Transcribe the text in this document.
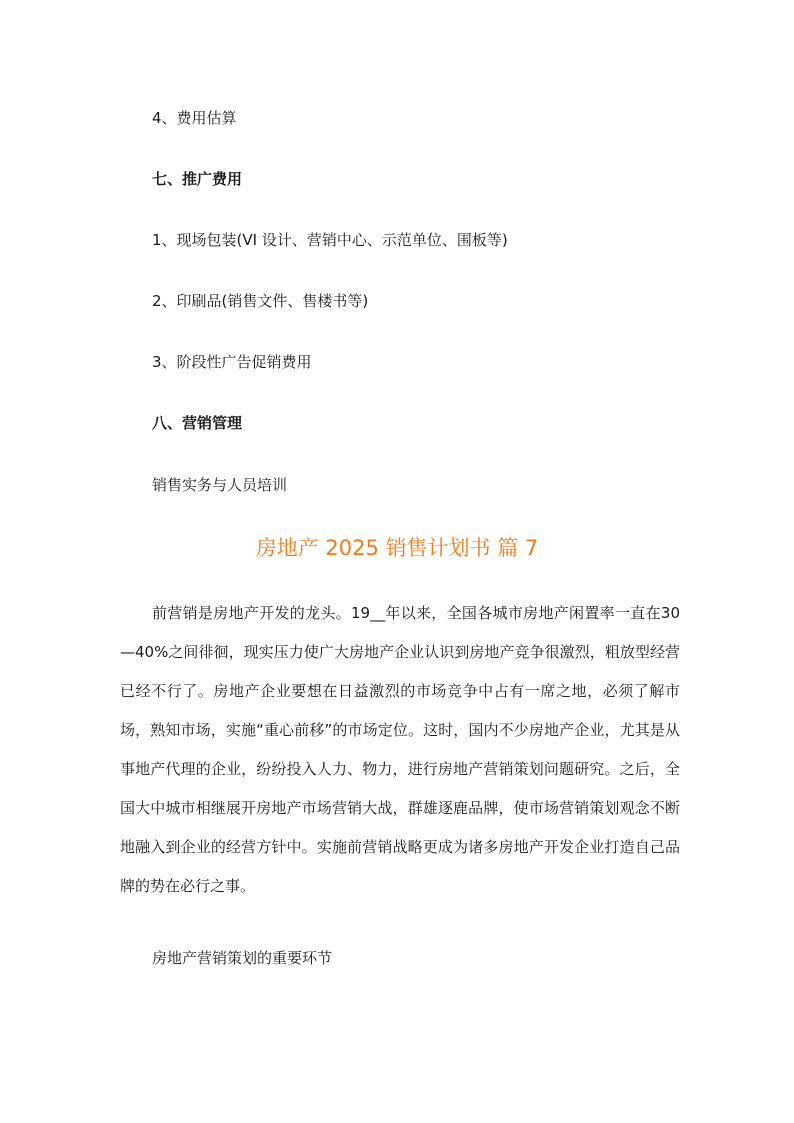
4、费用估算
七、推广费用
1、现场包装(VI 设计、营销中心、示范单位、围板等)
2、印刷品(销售文件、售楼书等)
3、阶段性广告促销费用
八、营销管理
销售实务与人员培训
房地产 2025 销售计划书 篇 7
前营销是房地产开发的龙头。19__年以来，全国各城市房地产闲置率一直在30—40%之间徘徊，现实压力使广大房地产企业认识到房地产竞争很激烈，粗放型经营已经不行了。房地产企业要想在日益激烈的市场竞争中占有一席之地，必须了解市场，熟知市场，实施“重心前移”的市场定位。这时，国内不少房地产企业，尤其是从事地产代理的企业，纷纷投入人力、物力，进行房地产营销策划问题研究。之后，全国大中城市相继展开房地产市场营销大战，群雄逐鹿品牌，使市场营销策划观念不断地融入到企业的经营方针中。实施前营销战略更成为诸多房地产开发企业打造自己品牌的势在必行之事。
房地产营销策划的重要环节
